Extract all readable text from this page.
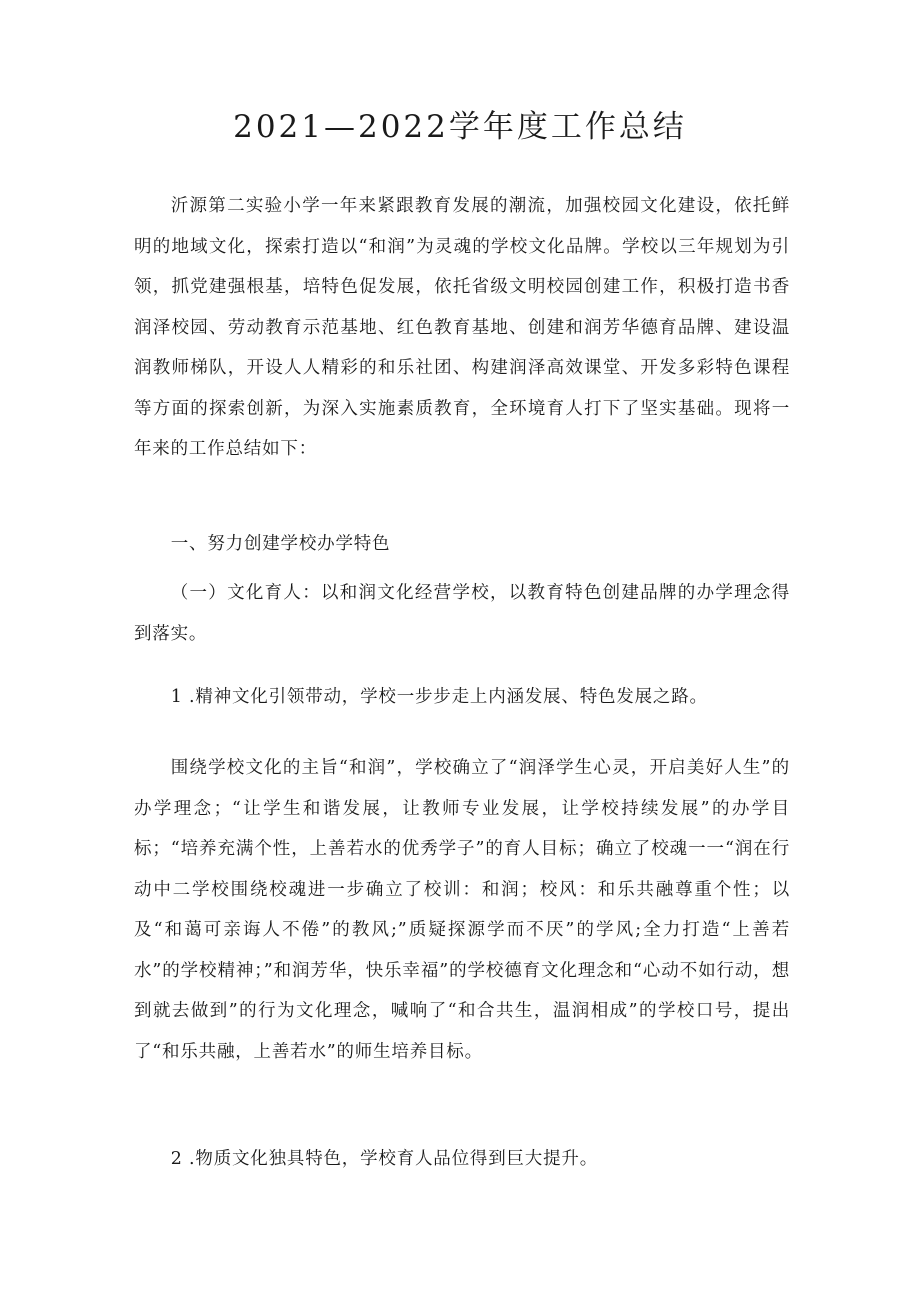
2021—2022学年度工作总结

沂源第二实验小学一年来紧跟教育发展的潮流，加强校园文化建设，依托鲜明的地域文化，探索打造以“和润”为灵魂的学校文化品牌。学校以三年规划为引领，抓党建强根基，培特色促发展，依托省级文明校园创建工作，积极打造书香润泽校园、劳动教育示范基地、红色教育基地、创建和润芳华德育品牌、建设温润教师梯队，开设人人精彩的和乐社团、构建润泽高效课堂、开发多彩特色课程等方面的探索创新，为深入实施素质教育，全环境育人打下了坚实基础。现将一年来的工作总结如下：

一、努力创建学校办学特色

（一）文化育人：以和润文化经营学校，以教育特色创建品牌的办学理念得到落实。

1 .精神文化引领带动，学校一步步走上内涵发展、特色发展之路。

围绕学校文化的主旨“和润”，学校确立了“润泽学生心灵，开启美好人生”的办学理念；“让学生和谐发展，让教师专业发展，让学校持续发展”的办学目标；“培养充满个性，上善若水的优秀学子”的育人目标；确立了校魂一一“润在行动中二学校围绕校魂进一步确立了校训：和润；校风：和乐共融尊重个性；以及“和蔼可亲诲人不倦”的教风;”质疑探源学而不厌”的学风;全力打造“上善若水”的学校精神；”和润芳华，快乐幸福”的学校德育文化理念和“心动不如行动，想到就去做到”的行为文化理念，喊响了“和合共生，温润相成”的学校口号，提出了“和乐共融，上善若水”的师生培养目标。

2 .物质文化独具特色，学校育人品位得到巨大提升。
